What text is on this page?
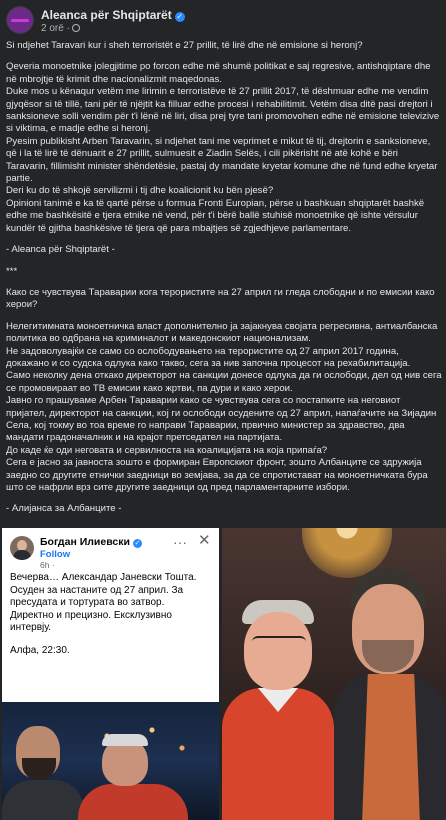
Aleanca për Shqiptarët ✓
2 orë ·

Si ndjehet Taravari kur i sheh terroristët e 27 prillit, të lirë dhe në emisione si heronj?

Qeveria monoetnike jolegjitime po forcon edhe më shumë politikat e saj regresive, antishqiptare dhe në mbrojtje të krimit dhe nacionalizmit maqedonas.

Duke mos u kënaqur vetëm me lirimin e terroristëve të 27 prillit 2017, të dëshmuar edhe me vendim gjyqësor si të tillë, tani për të njëjtit ka filluar edhe procesi i rehabilitimit. Vetëm disa ditë pasi drejtori i sanksioneve solli vendim për t'i lënë në liri, disa prej tyre tani promovohen edhe në emisione televizive si viktima, e madje edhe si heronj.

Pyesim publikisht Arben Taravarin, si ndjehet tani me veprimet e mikut të tij, drejtorin e sanksioneve, që i la të lirë të dënuarit e 27 prillit, sulmuesit e Ziadin Selës, i cili pikërisht në atë kohë e bëri Taravarin, fillimisht minister shëndetësie, pastaj dy mandate kryetar komune dhe në fund edhe kryetar partie.

Deri ku do të shkojë servilizmi i tij dhe koalicionit ku bën pjesë?

Opinioni tanimë e ka të qartë përse u formua Fronti Europian, përse u bashkuan shqiptarët bashkë edhe me bashkësitë e tjera etnike në vend, për t'i bërë ballë stuhisë monoetnike që ishte vërsulur kundër të gjitha bashkësive të tjera që para mbajtjes së zgjedhjeve parlamentare.

- Aleanca për Shqiptarët -

***

Како се чувствува Тараварии кога терористите на 27 април ги гледа слободни и по емисии како херои?

Нелегитимната монoетничка власт дополнително ја зајакнува својата регресивна, антиалбанска политика во одбрана на криминалот и македонскиот национализам.

Не задоволувајќи се само со ослободувањето на терористите од 27 април 2017 година, докажано и со судска одлука како такво, сега за нив започна процесот на рехабилитација.

Само неколку дена откако директорот на санкции донесе одлука да ги ослободи, дел од нив сега се промовираат во ТВ емисии како жртви, па дури и како херои.

Јавно го прашуваме Арбен Тараварии како се чувствува сега со постапките на неговиот пријател, директорот на санкции, кој ги ослободи осудените од 27 април, напаѓачите на Зијадин Села, кој токму во тоа време го направи Тараварии, првично министер за здравство, два мандати градоначалник и на крајот претседател на партијата.

До каде ќе оди неговата и сервилноста на коалицијата на која припаѓа?

Сега е јасно за јавноста зошто е формиран Европскиот фронт, зошто Албанците се здружија заедно со другите етнички заедници во земјава, за да се спротистават на монoетничката бура што се нафрли врз сите другите заедници од пред парламентарните избори.

- Алијанса за Албанците -

Богдан Илиевски ✓
Follow
6h ·
··· ✕

Вечерва… Александар Јаневски Тошта.

Осуден за настаните од 27 април. За пресудата и тортурата во затвор.

Директно и прецизно. Ексклузивно интервју.

Алфа, 22:30.
